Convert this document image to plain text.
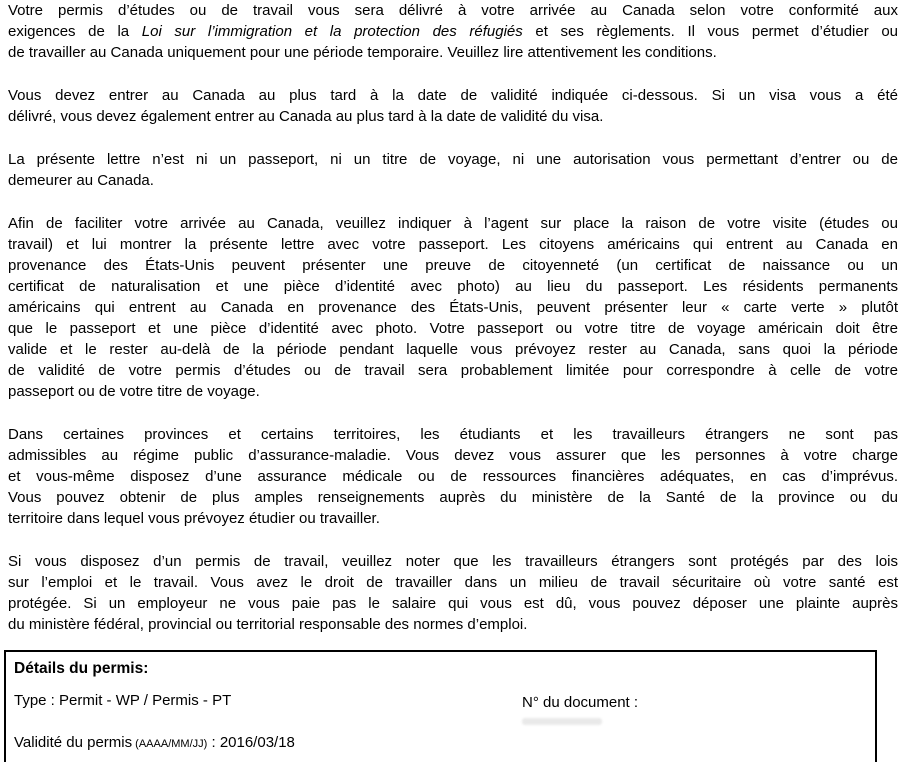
Votre permis d’études ou de travail vous sera délivré à votre arrivée au Canada selon votre conformité aux
exigences de la Loi sur l’immigration et la protection des réfugiés et ses règlements. Il vous permet d’étudier ou
de travailler au Canada uniquement pour une période temporaire. Veuillez lire attentivement les conditions.
Vous devez entrer au Canada au plus tard à la date de validité indiquée ci-dessous. Si un visa vous a été
délivré, vous devez également entrer au Canada au plus tard à la date de validité du visa.
La présente lettre n’est ni un passeport, ni un titre de voyage, ni une autorisation vous permettant d’entrer ou de
demeurer au Canada.
Afin de faciliter votre arrivée au Canada, veuillez indiquer à l’agent sur place la raison de votre visite (études ou
travail) et lui montrer la présente lettre avec votre passeport. Les citoyens américains qui entrent au Canada en
provenance des États-Unis peuvent présenter une preuve de citoyenneté (un certificat de naissance ou un
certificat de naturalisation et une pièce d’identité avec photo) au lieu du passeport. Les résidents permanents
américains qui entrent au Canada en provenance des États-Unis, peuvent présenter leur « carte verte » plutôt
que le passeport et une pièce d’identité avec photo. Votre passeport ou votre titre de voyage américain doit être
valide et le rester au-delà de la période pendant laquelle vous prévoyez rester au Canada, sans quoi la période
de validité de votre permis d’études ou de travail sera probablement limitée pour correspondre à celle de votre
passeport ou de votre titre de voyage.
Dans certaines provinces et certains territoires, les étudiants et les travailleurs étrangers ne sont pas
admissibles au régime public d’assurance-maladie. Vous devez vous assurer que les personnes à votre charge
et vous-même disposez d’une assurance médicale ou de ressources financières adéquates, en cas d’imprévus.
Vous pouvez obtenir de plus amples renseignements auprès du ministère de la Santé de la province ou du
territoire dans lequel vous prévoyez étudier ou travailler.
Si vous disposez d’un permis de travail, veuillez noter que les travailleurs étrangers sont protégés par des lois
sur l’emploi et le travail. Vous avez le droit de travailler dans un milieu de travail sécuritaire où votre santé est
protégée. Si un employeur ne vous paie pas le salaire qui vous est dû, vous pouvez déposer une plainte auprès
du ministère fédéral, provincial ou territorial responsable des normes d’emploi.
Détails du permis:
Type : Permit - WP / Permis - PT	N° du document :
Validité du permis (AAAA/MM/JJ) : 2016/03/18
